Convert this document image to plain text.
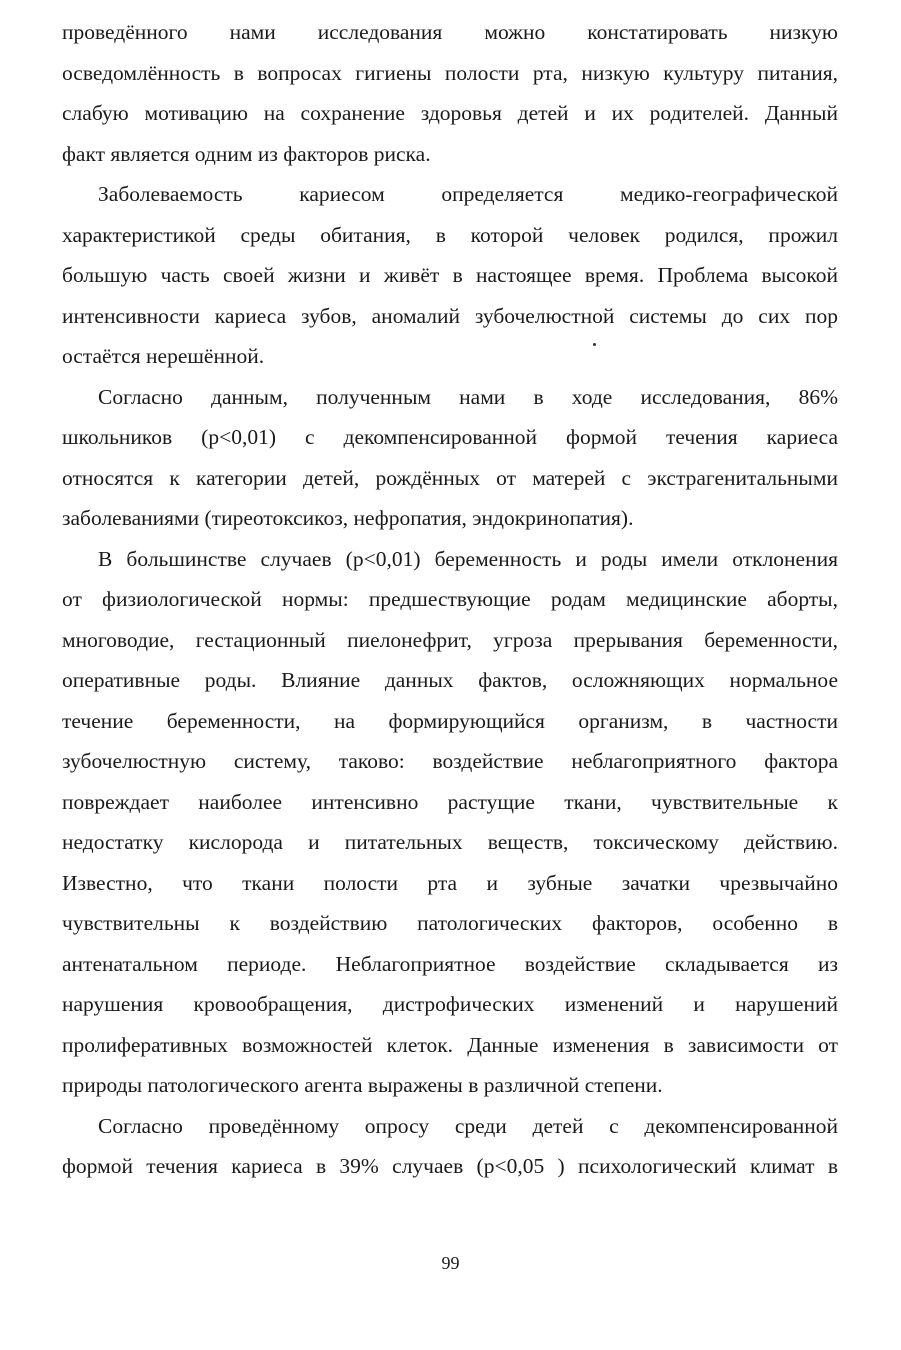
проведённого нами исследования можно констатировать низкую
осведомлённость в вопросах гигиены полости рта, низкую культуру питания,
слабую мотивацию на сохранение здоровья детей и их родителей. Данный
факт является одним из факторов риска.
Заболеваемость кариесом определяется медико-географической
характеристикой среды обитания, в которой человек родился, прожил
большую часть своей жизни и живёт в настоящее время. Проблема высокой
интенсивности кариеса зубов, аномалий зубочелюстной системы до сих пор
остаётся нерешённой.
Согласно данным, полученным нами в ходе исследования, 86%
школьников (р<0,01) с декомпенсированной формой течения кариеса
относятся к категории детей, рождённых от матерей с экстрагенитальными
заболеваниями (тиреотоксикоз, нефропатия, эндокринопатия).
В большинстве случаев (р<0,01) беременность и роды имели отклонения
от физиологической нормы: предшествующие родам медицинские аборты,
многоводие, гестационный пиелонефрит, угроза прерывания беременности,
оперативные роды. Влияние данных фактов, осложняющих нормальное
течение беременности, на формирующийся организм, в частности
зубочелюстную систему, таково: воздействие неблагоприятного фактора
повреждает наиболее интенсивно растущие ткани, чувствительные к
недостатку кислорода и питательных веществ, токсическому действию.
Известно, что ткани полости рта и зубные зачатки чрезвычайно
чувствительны к воздействию патологических факторов, особенно в
антенатальном периоде. Неблагоприятное воздействие складывается из
нарушения кровообращения, дистрофических изменений и нарушений
пролиферативных возможностей клеток. Данные изменения в зависимости от
природы патологического агента выражены в различной степени.
Согласно проведённому опросу среди детей с декомпенсированной
формой течения кариеса в 39% случаев (р<0,05 ) психологический климат в
99
